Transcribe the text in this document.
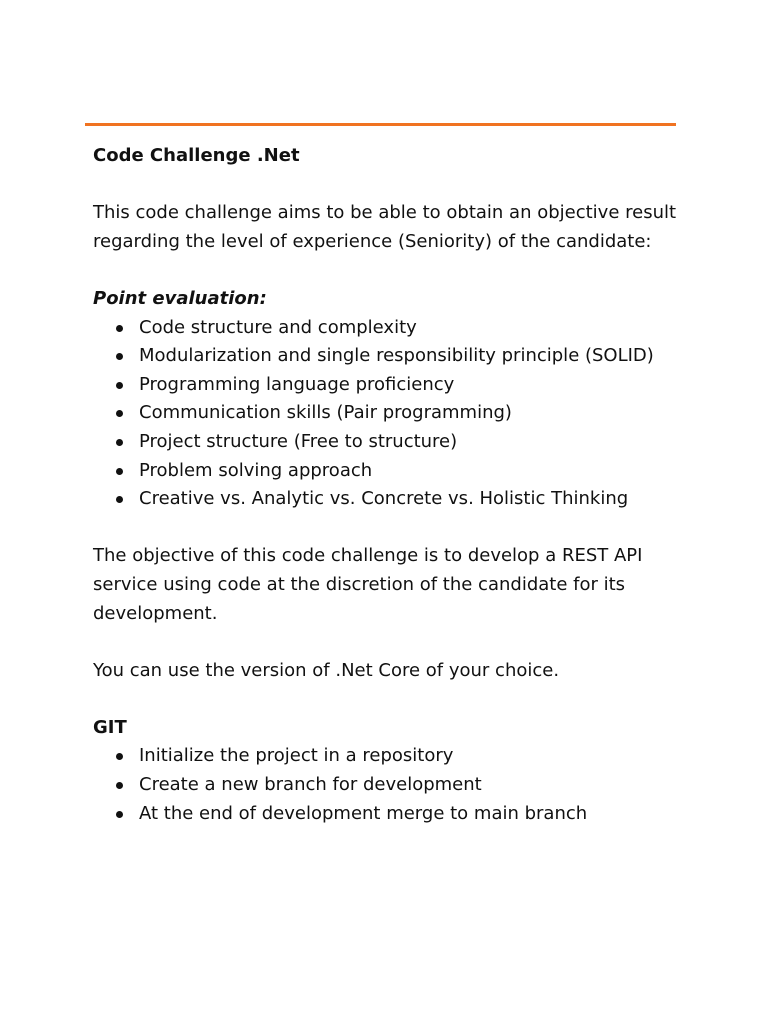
Code Challenge .Net

This code challenge aims to be able to obtain an objective result

regarding the level of experience (Seniority) of the candidate:

Point evaluation:

Code structure and complexity
Modularization and single responsibility principle (SOLID)
Programming language proficiency
Communication skills (Pair programming)
Project structure (Free to structure)
Problem solving approach
Creative vs. Analytic vs. Concrete vs. Holistic Thinking

The objective of this code challenge is to develop a REST API

service using code at the discretion of the candidate for its

development.

You can use the version of .Net Core of your choice.

GIT

Initialize the project in a repository
Create a new branch for development
At the end of development merge to main branch
